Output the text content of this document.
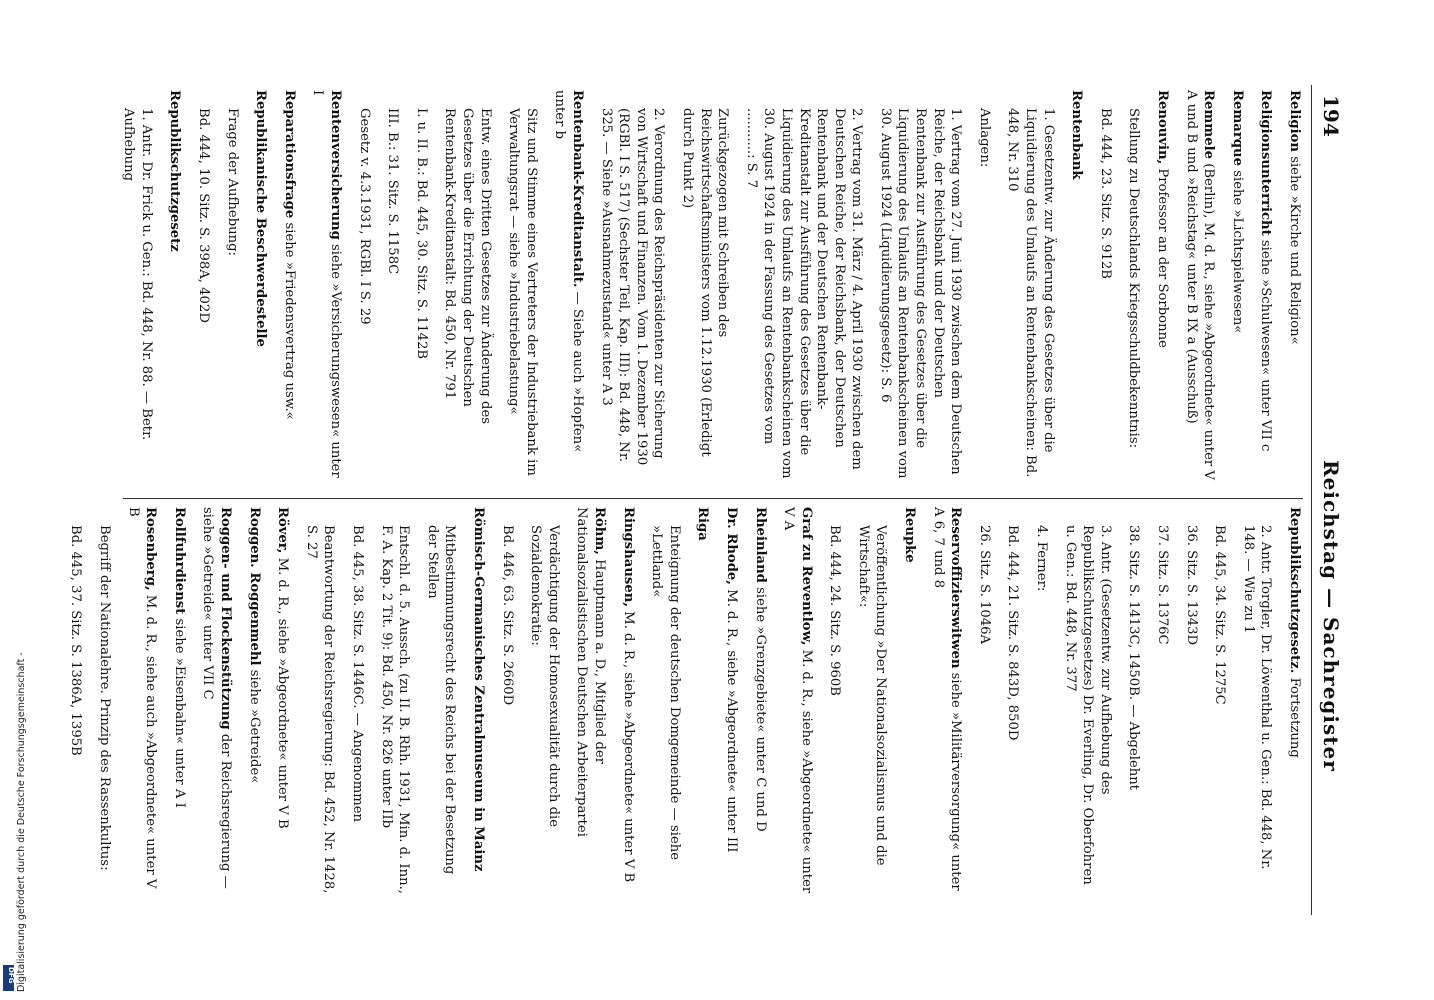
194
Reichstag — Sachregister
Religion siehe »Kirche und Religion«
Religionsunterricht siehe »Schulwesen« unter VII c
Remarque siehe »Lichtspielwesen«
Remmele (Berlin), M. d. R., siehe »Abgeordnete« unter V A und B und »Reichstag« unter B IX a (Ausschuß)
Renouvin, Professor an der Sorbonne
Stellung zu Deutschlands Kriegsschuldbekenntnis:
Bd. 444, 23. Sitz. S. 912B
Rentenbank
1. Gesetzentw. zur Änderung des Gesetzes über die Liquidierung des Umlaufs an Rentenbankscheinen: Bd. 448, Nr. 310
Anlagen:
1. Vertrag vom 27. Juni 1930 zwischen dem Deutschen Reiche, der Reichsbank und der Deutschen Rentenbank zur Ausführung des Gesetzes über die Liquidierung des Umlaufs an Rentenbankscheinen vom 30. August 1924 (Liquidierungsgesetz): S. 6
2. Vertrag vom 31. März / 4. April 1930 zwischen dem Deutschen Reiche, der Reichsbank, der Deutschen Rentenbank und der Deutschen Rentenbank-Kreditanstalt zur Ausführung des Gesetzes über die Liquidierung des Umlaufs an Rentenbankscheinen vom 30. August 1924 in der Fassung des Gesetzes vom ...........: S. 7
Zurückgezogen mit Schreiben des Reichswirtschaftsministers vom 1.12.1930 (Erledigt durch Punkt 2)
2. Verordnung des Reichspräsidenten zur Sicherung von Wirtschaft und Finanzen. Vom 1. Dezember 1930 (RGBl. I S. 517) (Sechster Teil, Kap. III): Bd. 448, Nr. 325. — Siehe »Ausnahmezustand« unter A 3
Rentenbank-Kreditanstalt. — Siehe auch »Hopfen« unter b
Sitz und Stimme eines Vertreters der Industriebank im Verwaltungsrat — siehe »Industriebelastung«
Entw. eines Dritten Gesetzes zur Änderung des Gesetzes über die Errichtung der Deutschen Rentenbank-Kreditanstalt: Bd. 450, Nr. 791
I. u. II. B.: Bd. 445, 30. Sitz. S. 1142B
III. B.: 31. Sitz. S. 1158C
Gesetz v. 4.3.1931, RGBl. I S. 29
Rentenversicherung siehe »Versicherungswesen« unter I
Reparationsfrage siehe »Friedensvertrag usw.«
Republikanische Beschwerdestelle
Frage der Aufhebung:
Bd. 444, 10. Sitz. S. 398A, 402D
Republikschutzgesetz
1. Antr. Dr. Frick u. Gen.: Bd. 448, Nr. 88. — Betr. Aufhebung
Republikschutzgesetz. Fortsetzung
2. Antr. Torgler, Dr. Löwenthal u. Gen.: Bd. 448, Nr. 148. — Wie zu 1
Bd. 445, 34. Sitz. S. 1275C
36. Sitz. S. 1343D
37. Sitz. S. 1376C
38. Sitz. S. 1413C, 1450B. — Abgelehnt
3. Antr. (Gesetzentw. zur Aufhebung des Republikschutzgesetzes) Dr. Everling, Dr. Oberfohren u. Gen.: Bd. 448, Nr. 377
4. Ferner:
Bd. 444, 21. Sitz. S. 843D, 850D
26. Sitz. S. 1046A
Reservoffizierswitwen siehe »Militärversorgung« unter A 6, 7 und 8
Reupke
Veröffentlichung »Der Nationalsozialismus und die Wirtschaft«:
Bd. 444, 24. Sitz. S. 960B
Graf zu Reventlow, M. d. R., siehe »Abgeordnete« unter V A
Rheinland siehe »Grenzgebiete« unter C und D
Dr. Rhode, M. d. R., siehe »Abgeordnete« unter III
Riga
Enteignung der deutschen Domgemeinde — siehe »Lettland«
Ringshausen, M. d. R., siehe »Abgeordnete« unter V B
Röhm, Hauptmann a. D., Mitglied der Nationalsozialistischen Deutschen Arbeiterpartei
Verdächtigung der Homosexualität durch die Sozialdemokratie:
Bd. 446, 63. Sitz. S. 2660D
Römisch-Germanisches Zentralmuseum in Mainz
Mitbestimmungsrecht des Reichs bei der Besetzung der Stellen
Entschl. d. 5. Aussch. (zu II. B. Rhh. 1931, Min. d. Inn., F. A. Kap. 2 Tit. 9): Bd. 450, Nr. 826 unter IIb
Bd. 445, 38. Sitz. S. 1446C. — Angenommen
Beantwortung der Reichsregierung: Bd. 452, Nr. 1428, S. 27
Röver, M. d. R., siehe »Abgeordnete« unter V B
Roggen. Roggenmehl siehe »Getreide«
Roggen- und Flockenstützung der Reichsregierung — siehe »Getreide« unter VII C
Rollfuhrdienst siehe »Eisenbahn« unter A I
Rosenberg, M. d. R., siehe auch »Abgeordnete« unter V B
Begriff der Nationalehre. Prinzip des Rassenkultus:
Bd. 445, 37. Sitz. S. 1386A, 1395B
Digitalisierung gefördert durch die Deutsche Forschungsgemeinschaft -
DFG
